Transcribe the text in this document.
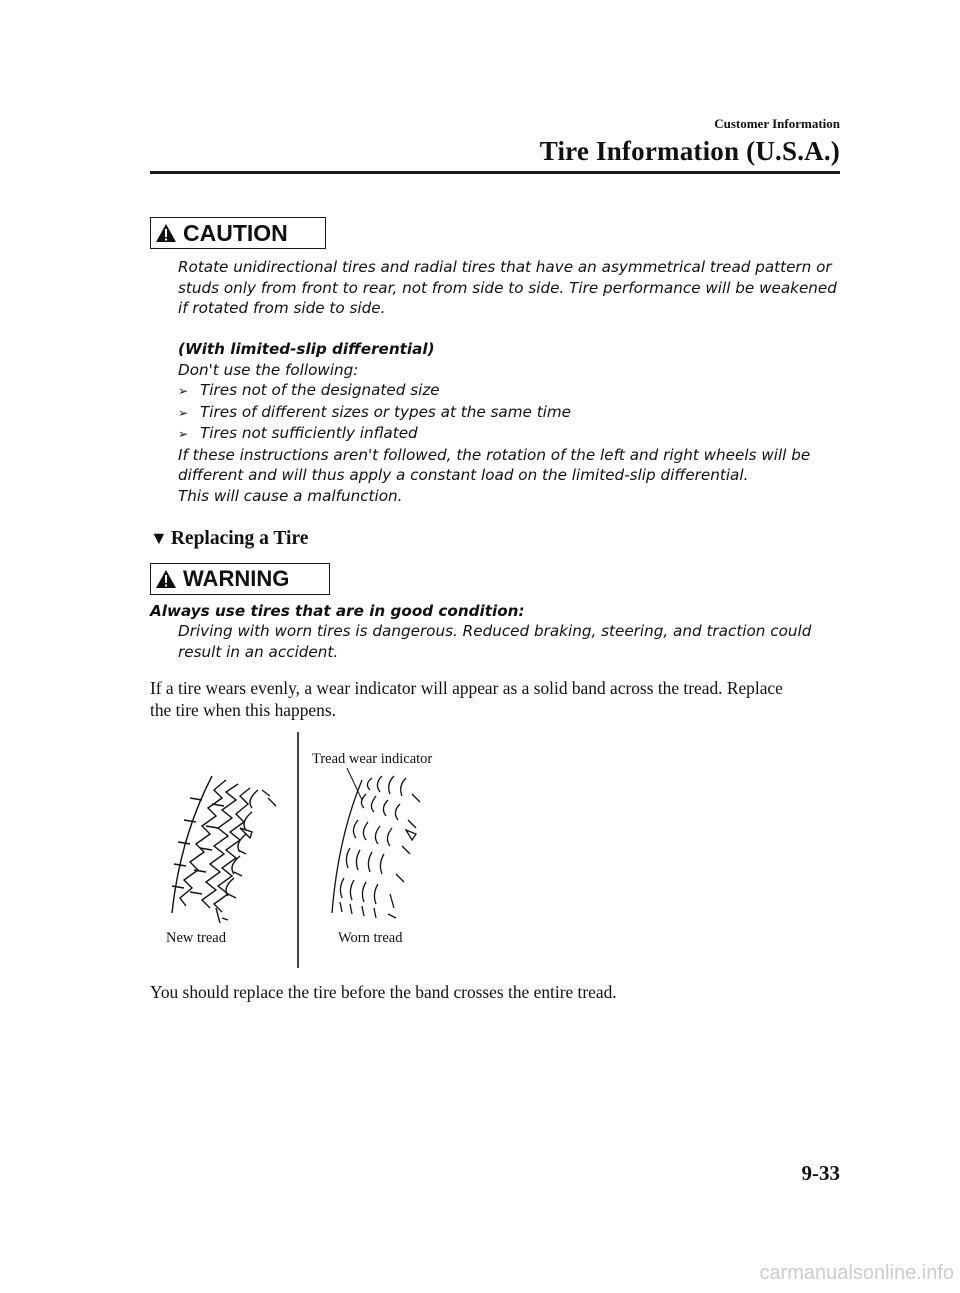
Customer Information
Tire Information (U.S.A.)
CAUTION
Rotate unidirectional tires and radial tires that have an asymmetrical tread pattern or studs only from front to rear, not from side to side. Tire performance will be weakened if rotated from side to side.
(With limited-slip differential)
Don't use the following:
➢ Tires not of the designated size
➢ Tires of different sizes or types at the same time
➢ Tires not sufficiently inflated
If these instructions aren't followed, the rotation of the left and right wheels will be different and will thus apply a constant load on the limited-slip differential.
This will cause a malfunction.
▼ Replacing a Tire
WARNING
Always use tires that are in good condition:
Driving with worn tires is dangerous. Reduced braking, steering, and traction could result in an accident.
If a tire wears evenly, a wear indicator will appear as a solid band across the tread. Replace the tire when this happens.
Tread wear indicator
New tread	Worn tread
You should replace the tire before the band crosses the entire tread.
9-33
carmanualsonline.info
